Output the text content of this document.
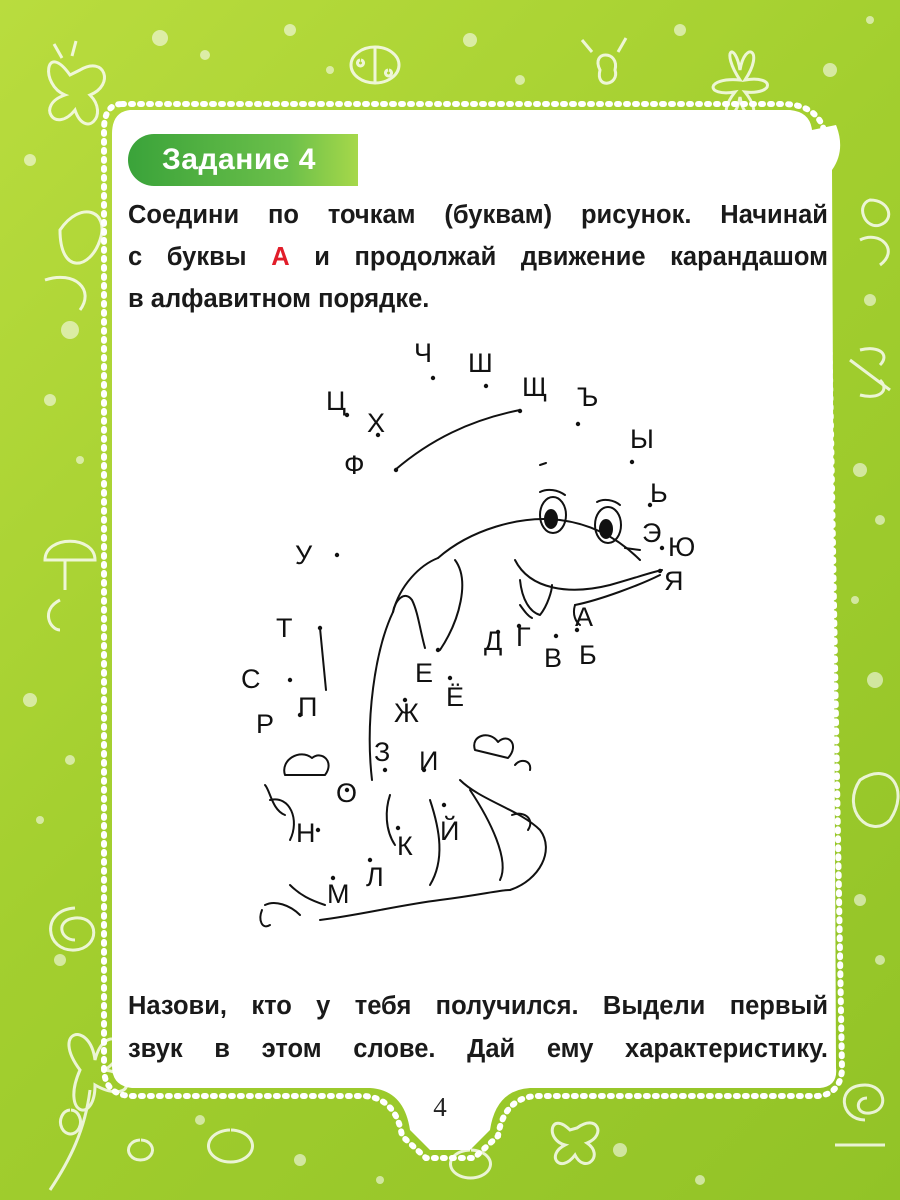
Задание 4

Соедини по точкам (буквам) рисунок. Начинай
с буквы А и продолжай движение карандашом
в алфавитном порядке.

А
Б
В
Г
Д
Е
Ё
Ж
З И
Й
К
Л
М
Н
О
П
Р
С
Т
У
Ф
Х
Ц
Ч Ш
Щ Ъ
Ы
Ь
Э Ю
Я

Назови, кто у тебя получился. Выдели первый
звук в этом слове. Дай ему характеристику.

4
